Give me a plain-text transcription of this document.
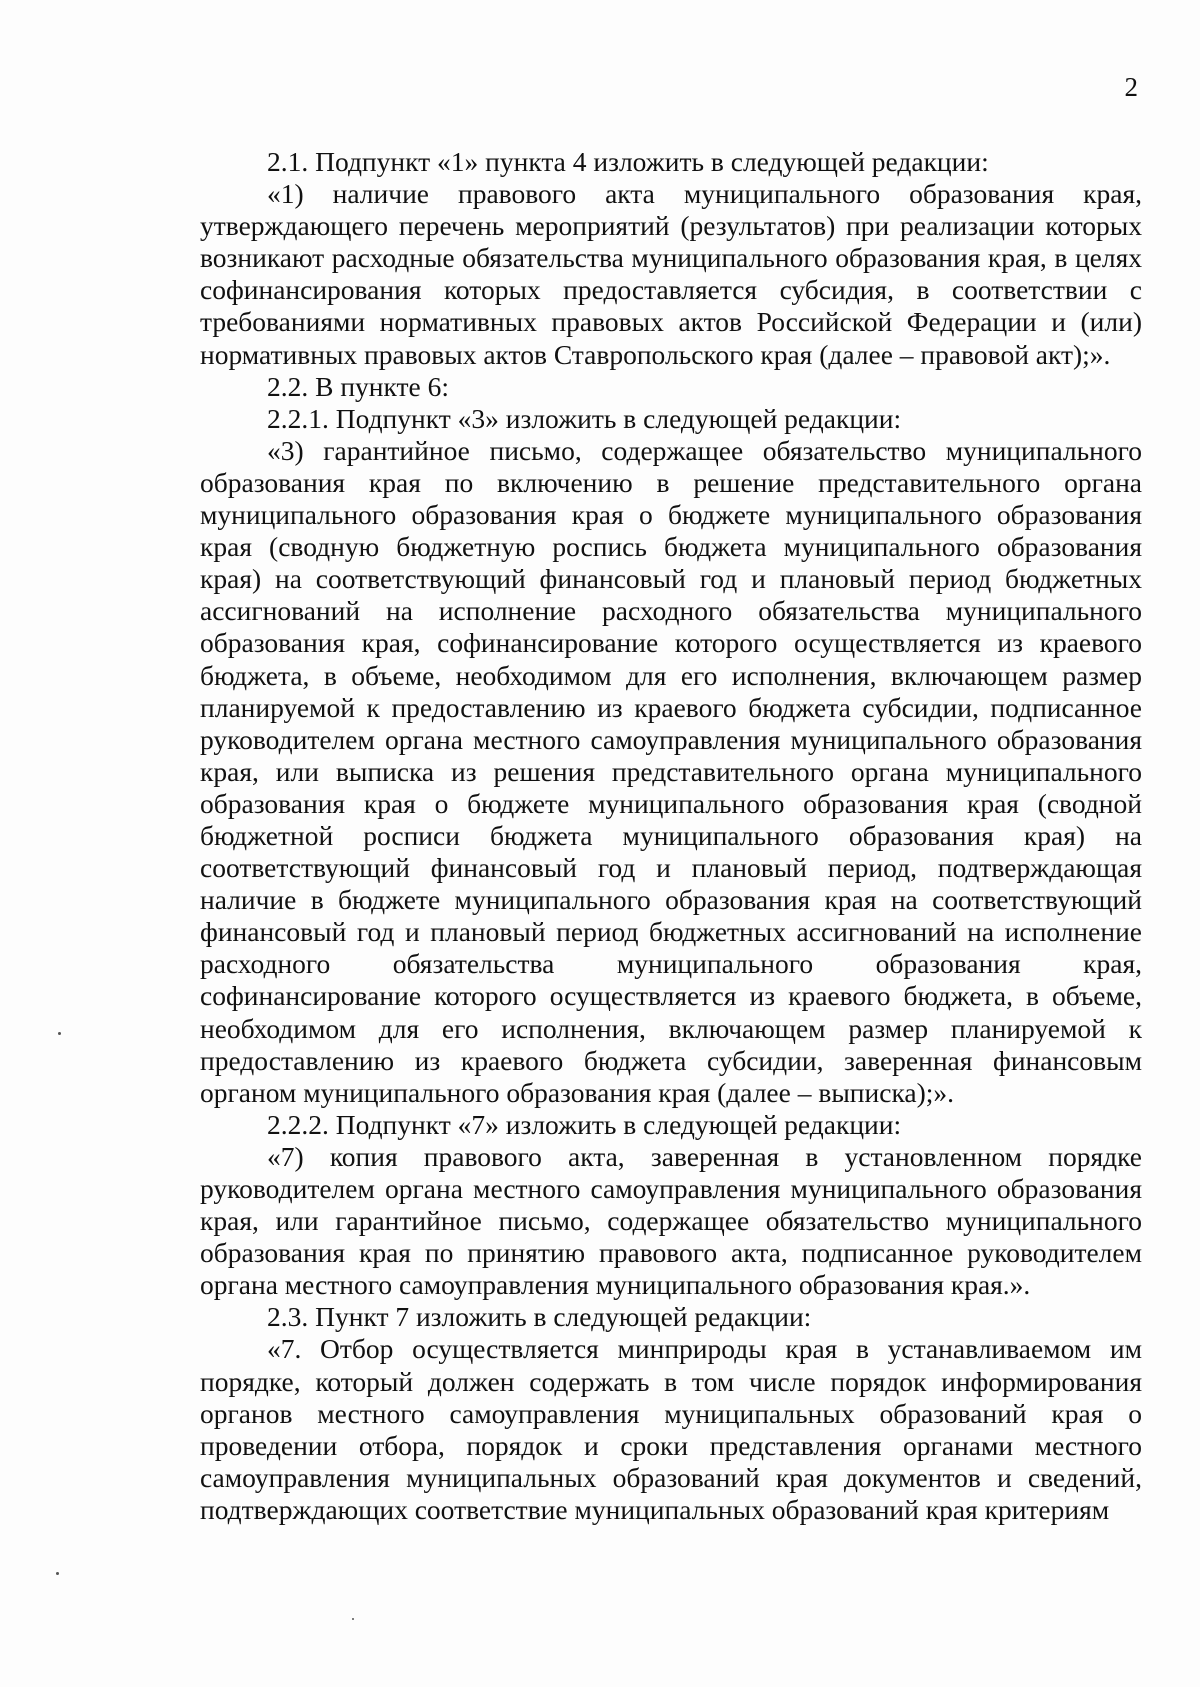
2

2.1. Подпункт «1» пункта 4 изложить в следующей редакции:

«1) наличие правового акта муниципального образования края, утверждающего перечень мероприятий (результатов) при реализации которых возникают расходные обязательства муниципального образования края, в целях софинансирования которых предоставляется субсидия, в соответствии с требованиями нормативных правовых актов Российской Федерации и (или) нормативных правовых актов Ставропольского края (далее – правовой акт);».

2.2. В пункте 6:

2.2.1. Подпункт «3» изложить в следующей редакции:

«3) гарантийное письмо, содержащее обязательство муниципального образования края по включению в решение представительного органа муниципального образования края о бюджете муниципального образования края (сводную бюджетную роспись бюджета муниципального образования края) на соответствующий финансовый год и плановый период бюджетных ассигнований на исполнение расходного обязательства муниципального образования края, софинансирование которого осуществляется из краевого бюджета, в объеме, необходимом для его исполнения, включающем размер планируемой к предоставлению из краевого бюджета субсидии, подписанное руководителем органа местного самоуправления муниципального образования края, или выписка из решения представительного органа муниципального образования края о бюджете муниципального образования края (сводной бюджетной росписи бюджета муниципального образования края) на соответствующий финансовый год и плановый период, подтверждающая наличие в бюджете муниципального образования края на соответствующий финансовый год и плановый период бюджетных ассигнований на исполнение расходного обязательства муниципального образования края, софинансирование которого осуществляется из краевого бюджета, в объеме, необходимом для его исполнения, включающем размер планируемой к предоставлению из краевого бюджета субсидии, заверенная финансовым органом муниципального образования края (далее – выписка);».

2.2.2. Подпункт «7» изложить в следующей редакции:

«7) копия правового акта, заверенная в установленном порядке руководителем органа местного самоуправления муниципального образования края, или гарантийное письмо, содержащее обязательство муниципального образования края по принятию правового акта, подписанное руководителем органа местного самоуправления муниципального образования края.».

2.3. Пункт 7 изложить в следующей редакции:

«7. Отбор осуществляется минприроды края в устанавливаемом им порядке, который должен содержать в том числе порядок информирования органов местного самоуправления муниципальных образований края о проведении отбора, порядок и сроки представления органами местного самоуправления муниципальных образований края документов и сведений, подтверждающих соответствие муниципальных образований края критериям
